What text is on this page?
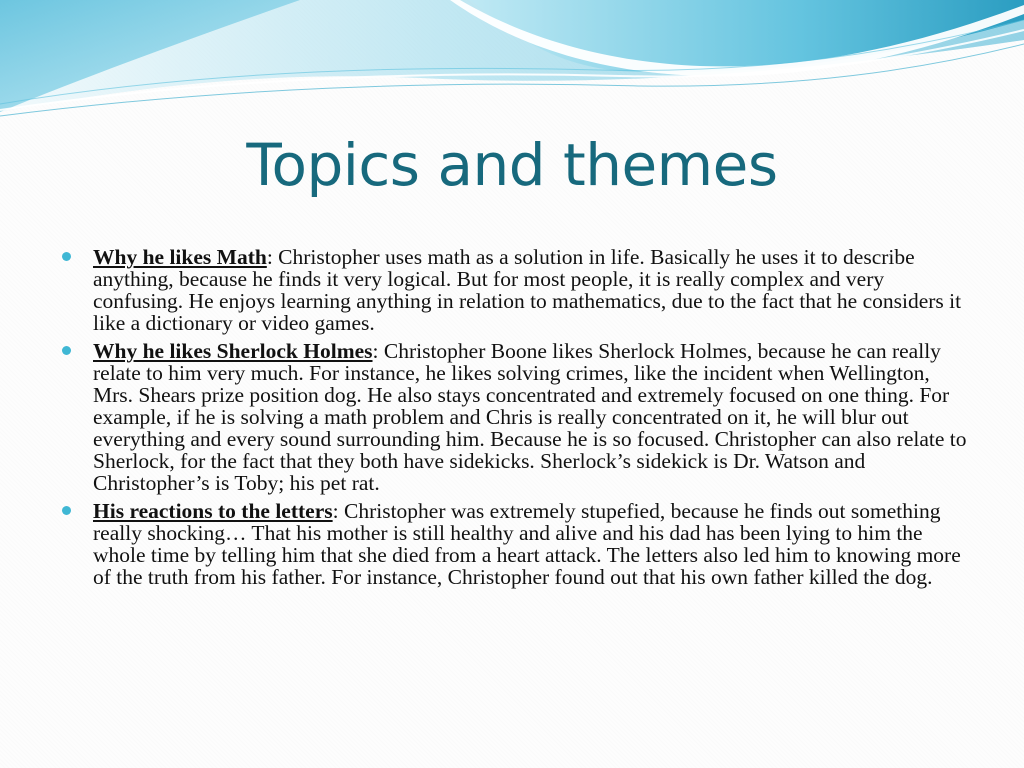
Topics and themes
Why he likes Math: Christopher uses math as a solution in life. Basically he uses it to describe anything, because he finds it very logical. But for most people, it is really complex and very confusing. He enjoys learning anything in relation to mathematics, due to the fact that he considers it like a dictionary or video games.
Why he likes Sherlock Holmes: Christopher Boone likes Sherlock Holmes, because he can really relate to him very much. For instance, he likes solving crimes, like the incident when Wellington, Mrs. Shears prize position dog. He also stays concentrated and extremely focused on one thing. For example, if he is solving a math problem and Chris is really concentrated on it, he will blur out everything and every sound surrounding him. Because he is so focused. Christopher can also relate to Sherlock, for the fact that they both have sidekicks. Sherlock’s sidekick is Dr. Watson and Christopher’s is Toby; his pet rat.
His reactions to the letters: Christopher was extremely stupefied, because he finds out something really shocking… That his mother is still healthy and alive and his dad has been lying to him the whole time by telling him that she died from a heart attack. The letters also led him to knowing more of the truth from his father. For instance, Christopher found out that his own father killed the dog.
